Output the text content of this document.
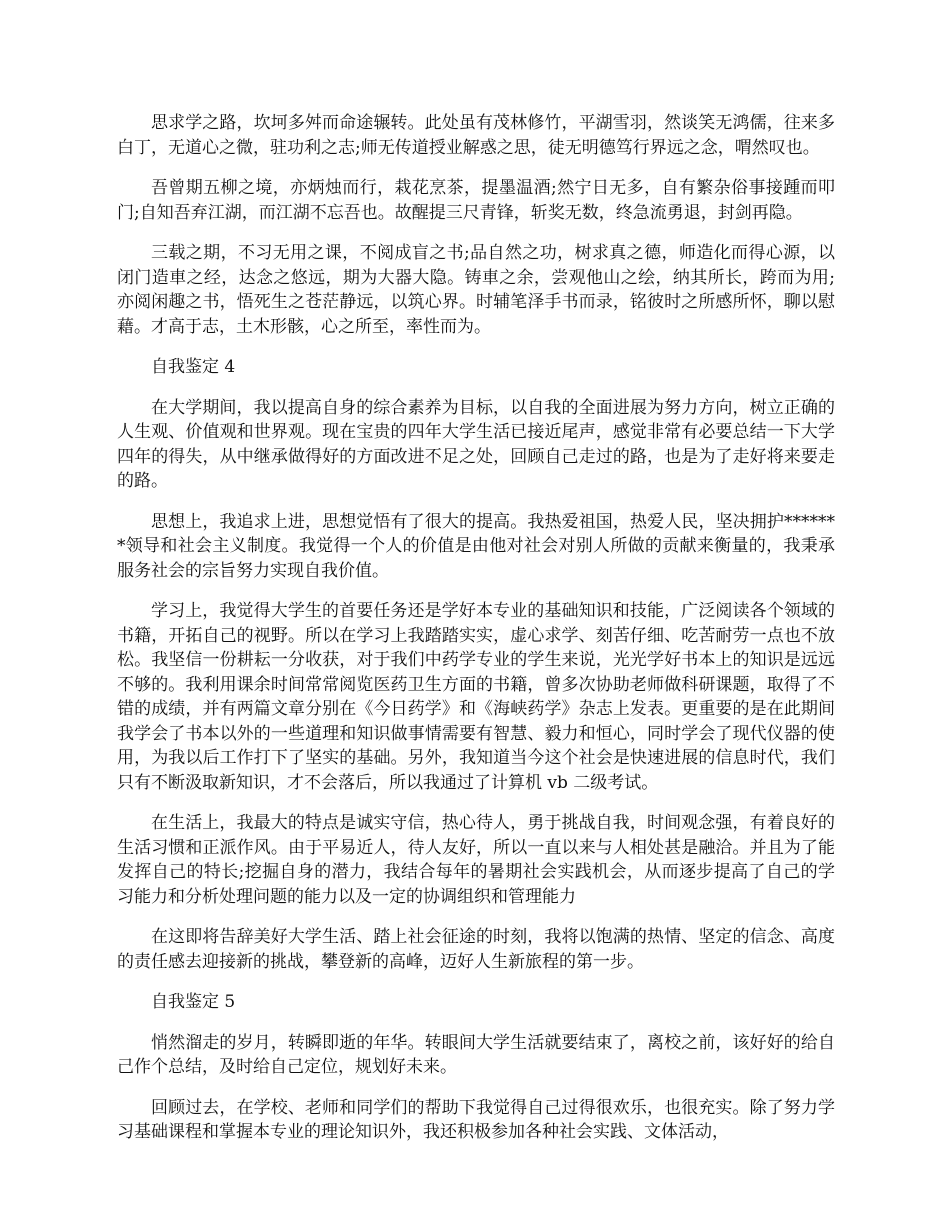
思求学之路，坎坷多舛而命途辗转。此处虽有茂林修竹，平湖雪羽，然谈笑无鸿儒，往来多白丁，无道心之微，驻功利之志;师无传道授业解惑之思，徒无明德笃行界远之念，喟然叹也。

吾曾期五柳之境，亦炳烛而行，栽花烹茶，提墨温酒;然宁日无多，自有繁杂俗事接踵而叩门;自知吾弃江湖，而江湖不忘吾也。故醒提三尺青锋，斩奖无数，终急流勇退，封剑再隐。

三载之期，不习无用之课，不阅成盲之书;品自然之功，树求真之德，师造化而得心源，以闭门造車之经，达念之悠远，期为大器大隐。铸車之余，尝观他山之绘，纳其所长，跨而为用;亦阅闲趣之书，悟死生之苍茫静远，以筑心界。时辅笔泽手书而录，铭彼时之所感所怀，聊以慰藉。才高于志，土木形骸，心之所至，率性而为。

自我鉴定 4

在大学期间，我以提高自身的综合素养为目标，以自我的全面进展为努力方向，树立正确的人生观、价值观和世界观。现在宝贵的四年大学生活已接近尾声，感觉非常有必要总结一下大学四年的得失，从中继承做得好的方面改进不足之处，回顾自己走过的路，也是为了走好将来要走的路。

思想上，我追求上进，思想觉悟有了很大的提高。我热爱祖国，热爱人民，坚决拥护*******领导和社会主义制度。我觉得一个人的价值是由他对社会对别人所做的贡献来衡量的，我秉承服务社会的宗旨努力实现自我价值。

学习上，我觉得大学生的首要任务还是学好本专业的基础知识和技能，广泛阅读各个领域的书籍，开拓自己的视野。所以在学习上我踏踏实实，虚心求学、刻苦仔细、吃苦耐劳一点也不放松。我坚信一份耕耘一分收获，对于我们中药学专业的学生来说，光光学好书本上的知识是远远不够的。我利用课余时间常常阅览医药卫生方面的书籍，曾多次协助老师做科研课题，取得了不错的成绩，并有两篇文章分别在《今日药学》和《海峡药学》杂志上发表。更重要的是在此期间我学会了书本以外的一些道理和知识做事情需要有智慧、毅力和恒心，同时学会了现代仪器的使用，为我以后工作打下了坚实的基础。另外，我知道当今这个社会是快速进展的信息时代，我们只有不断汲取新知识，才不会落后，所以我通过了计算机 vb 二级考试。

在生活上，我最大的特点是诚实守信，热心待人，勇于挑战自我，时间观念强，有着良好的生活习惯和正派作风。由于平易近人，待人友好，所以一直以来与人相处甚是融洽。并且为了能发挥自己的特长;挖掘自身的潜力，我结合每年的暑期社会实践机会，从而逐步提高了自己的学习能力和分析处理问题的能力以及一定的协调组织和管理能力

在这即将告辞美好大学生活、踏上社会征途的时刻，我将以饱满的热情、坚定的信念、高度的责任感去迎接新的挑战，攀登新的高峰，迈好人生新旅程的第一步。

自我鉴定 5

悄然溜走的岁月，转瞬即逝的年华。转眼间大学生活就要结束了，离校之前，该好好的给自己作个总结，及时给自己定位，规划好未来。

回顾过去，在学校、老师和同学们的帮助下我觉得自己过得很欢乐，也很充实。除了努力学习基础课程和掌握本专业的理论知识外，我还积极参加各种社会实践、文体活动，
